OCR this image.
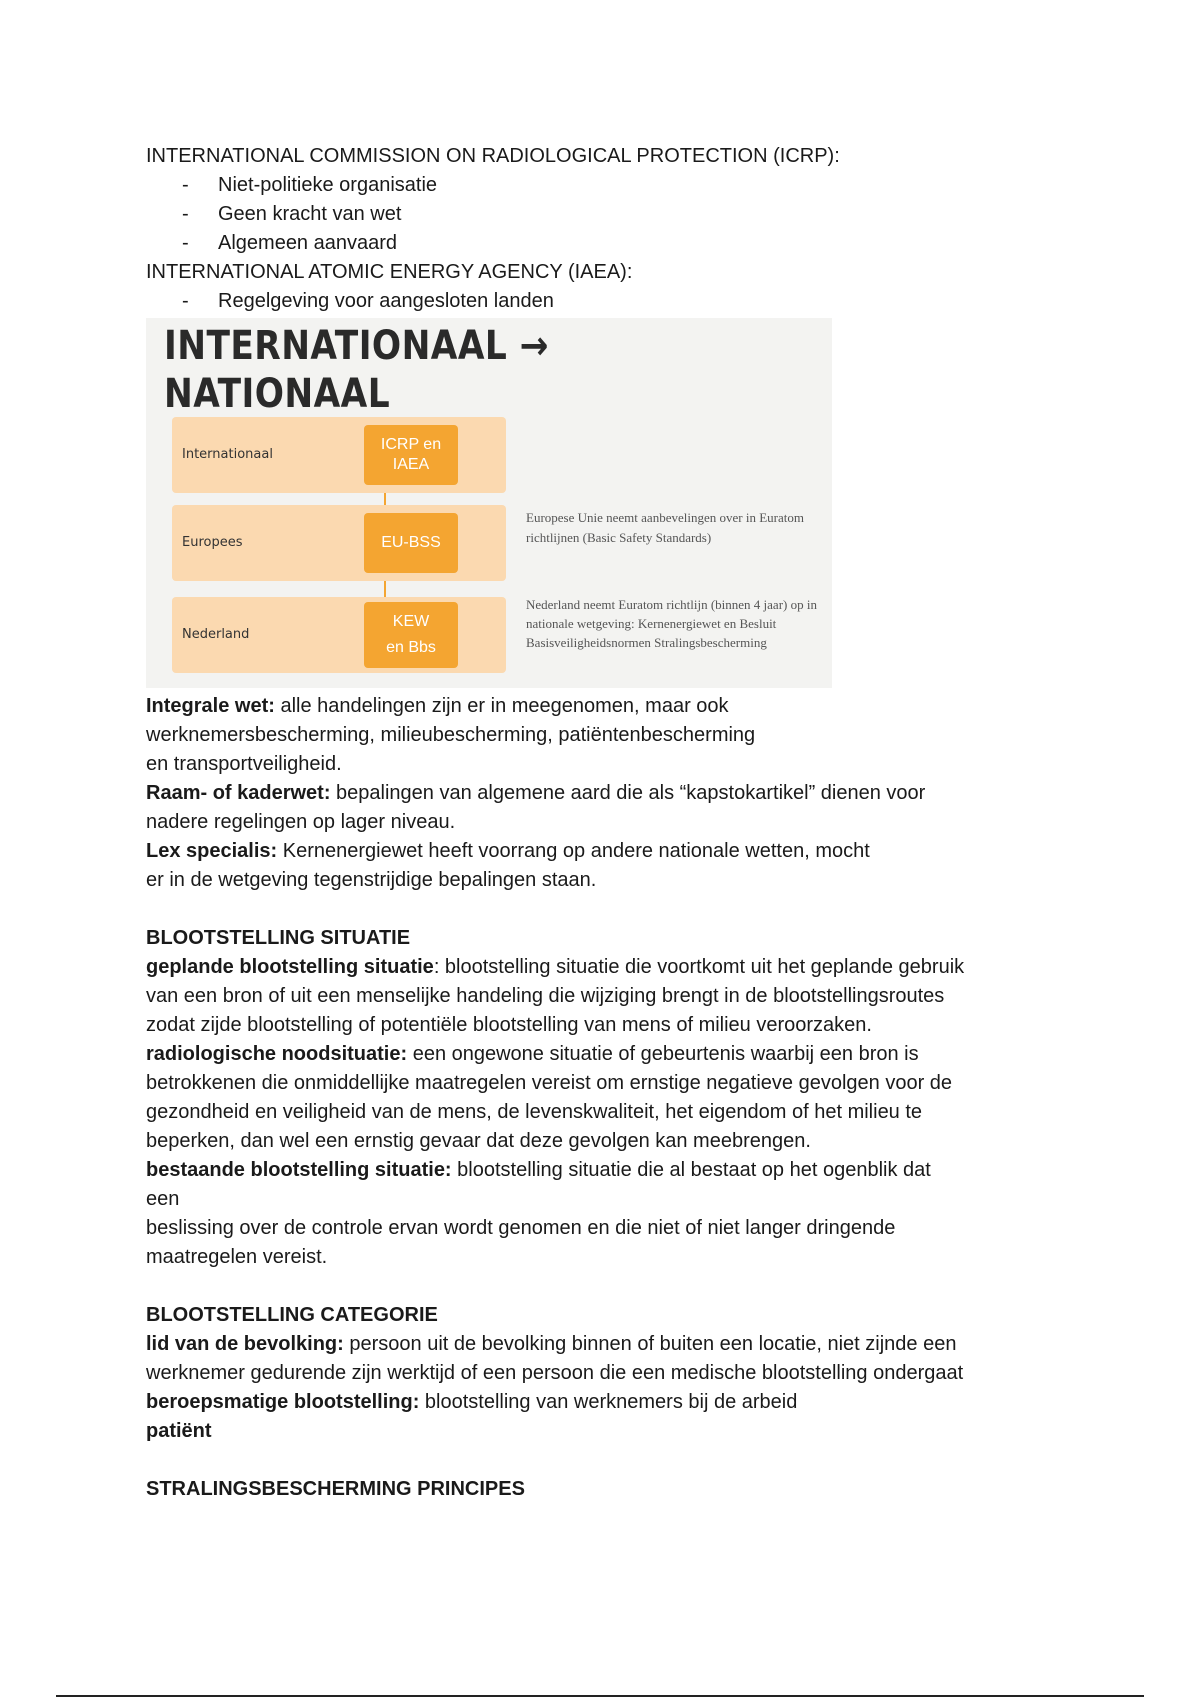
INTERNATIONAL COMMISSION ON RADIOLOGICAL PROTECTION (ICRP):
- Niet-politieke organisatie
- Geen kracht van wet
- Algemeen aanvaard
INTERNATIONAL ATOMIC ENERGY AGENCY (IAEA):
- Regelgeving voor aangesloten landen
INTERNATIONAAL → NATIONAAL
Internationaal
ICRP en
IAEA
Europees	EU-BSS
Nederland
KEW
en Bbs
Europese Unie neemt aanbevelingen over in Euratom richtlijnen (Basic Safety Standards)
Nederland neemt Euratom richtlijn (binnen 4 jaar) op in nationale wetgeving: Kernenergiewet en Besluit Basisveiligheidsnormen Stralingsbescherming
Integrale wet: alle handelingen zijn er in meegenomen, maar ook
werknemersbescherming, milieubescherming, patiëntenbescherming
en transportveiligheid.
Raam- of kaderwet: bepalingen van algemene aard die als “kapstokartikel” dienen voor
nadere regelingen op lager niveau.
Lex specialis: Kernenergiewet heeft voorrang op andere nationale wetten, mocht
er in de wetgeving tegenstrijdige bepalingen staan.
BLOOTSTELLING SITUATIE
geplande blootstelling situatie: blootstelling situatie die voortkomt uit het geplande gebruik
van een bron of uit een menselijke handeling die wijziging brengt in de blootstellingsroutes
zodat zijde blootstelling of potentiële blootstelling van mens of milieu veroorzaken.
radiologische noodsituatie: een ongewone situatie of gebeurtenis waarbij een bron is
betrokkenen die onmiddellijke maatregelen vereist om ernstige negatieve gevolgen voor de
gezondheid en veiligheid van de mens, de levenskwaliteit, het eigendom of het milieu te
beperken, dan wel een ernstig gevaar dat deze gevolgen kan meebrengen.
bestaande blootstelling situatie: blootstelling situatie die al bestaat op het ogenblik dat
een
beslissing over de controle ervan wordt genomen en die niet of niet langer dringende
maatregelen vereist.
BLOOTSTELLING CATEGORIE
lid van de bevolking: persoon uit de bevolking binnen of buiten een locatie, niet zijnde een
werknemer gedurende zijn werktijd of een persoon die een medische blootstelling ondergaat
beroepsmatige blootstelling: blootstelling van werknemers bij de arbeid
patiënt
STRALINGSBESCHERMING PRINCIPES
